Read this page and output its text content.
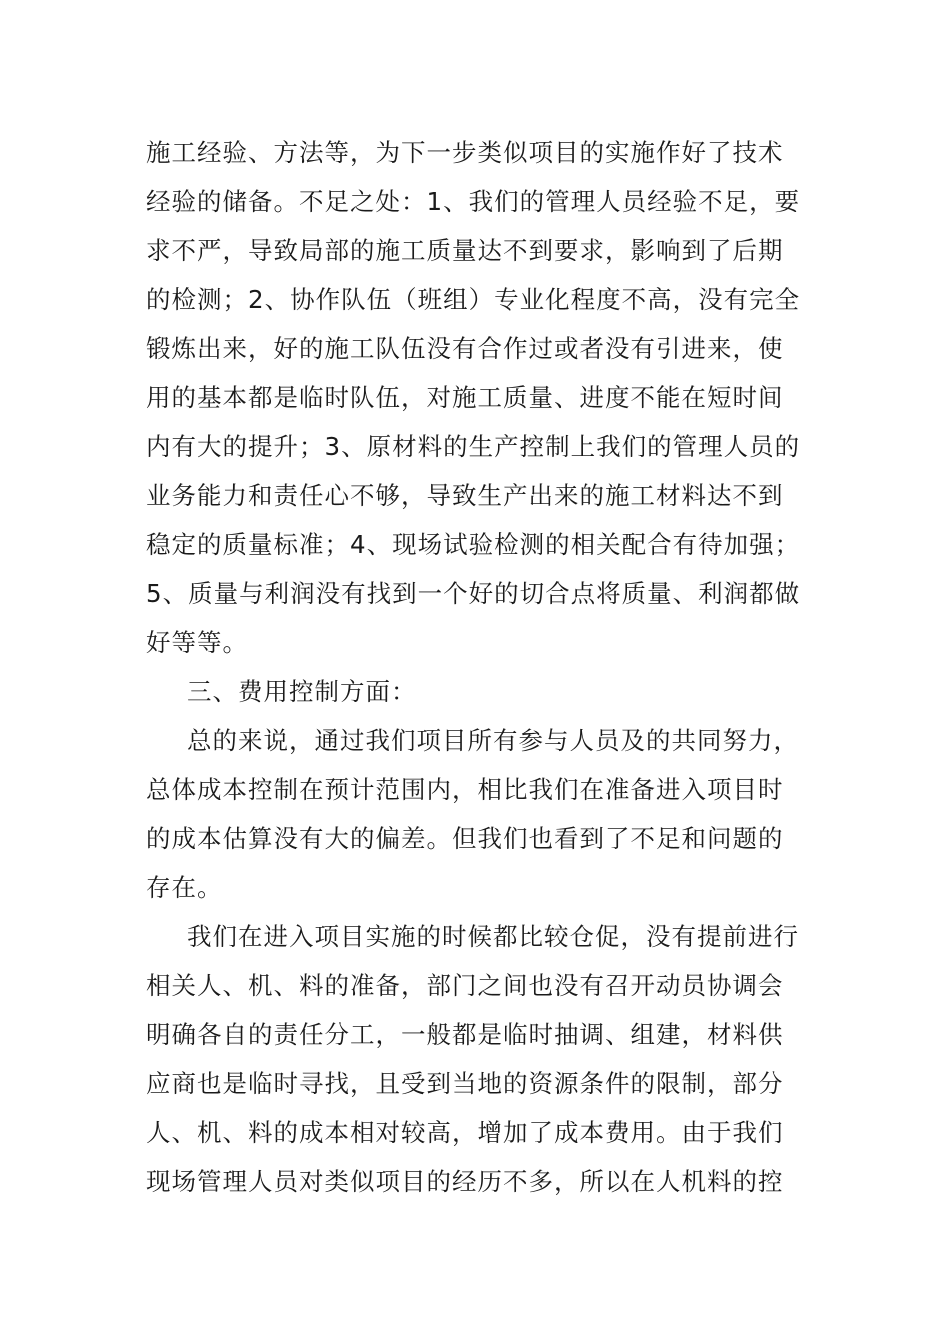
施工经验、方法等，为下一步类似项目的实施作好了技术
经验的储备。不足之处：1、我们的管理人员经验不足，要
求不严，导致局部的施工质量达不到要求，影响到了后期
的检测；2、协作队伍（班组）专业化程度不高，没有完全
锻炼出来，好的施工队伍没有合作过或者没有引进来，使
用的基本都是临时队伍，对施工质量、进度不能在短时间
内有大的提升；3、原材料的生产控制上我们的管理人员的
业务能力和责任心不够，导致生产出来的施工材料达不到
稳定的质量标准；4、现场试验检测的相关配合有待加强；
5、质量与利润没有找到一个好的切合点将质量、利润都做
好等等。
三、费用控制方面：
总的来说，通过我们项目所有参与人员及的共同努力，
总体成本控制在预计范围内，相比我们在准备进入项目时
的成本估算没有大的偏差。但我们也看到了不足和问题的
存在。
我们在进入项目实施的时候都比较仓促，没有提前进行
相关人、机、料的准备，部门之间也没有召开动员协调会
明确各自的责任分工，一般都是临时抽调、组建，材料供
应商也是临时寻找，且受到当地的资源条件的限制，部分
人、机、料的成本相对较高，增加了成本费用。由于我们
现场管理人员对类似项目的经历不多，所以在人机料的控
